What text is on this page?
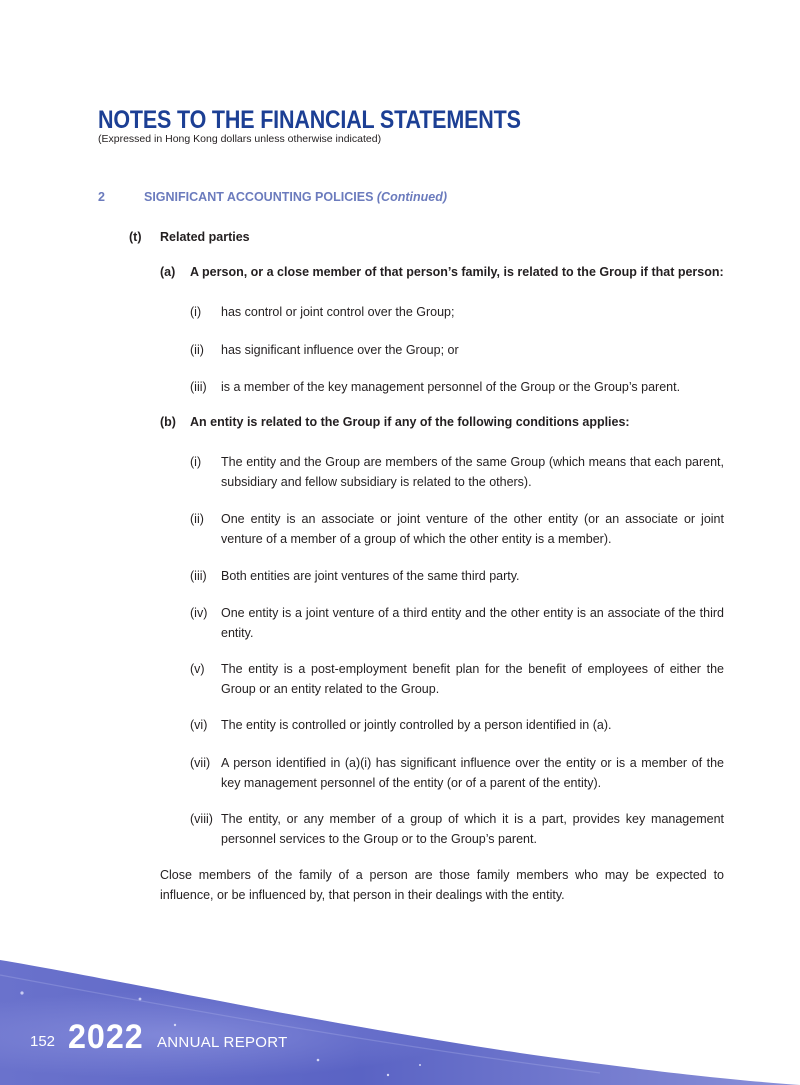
NOTES TO THE FINANCIAL STATEMENTS
(Expressed in Hong Kong dollars unless otherwise indicated)
2	SIGNIFICANT ACCOUNTING POLICIES (Continued)
(t) Related parties
(a) A person, or a close member of that person’s family, is related to the Group if that person:
(i) has control or joint control over the Group;
(ii) has significant influence over the Group; or
(iii) is a member of the key management personnel of the Group or the Group’s parent.
(b) An entity is related to the Group if any of the following conditions applies:
(i) The entity and the Group are members of the same Group (which means that each parent, subsidiary and fellow subsidiary is related to the others).
(ii) One entity is an associate or joint venture of the other entity (or an associate or joint venture of a member of a group of which the other entity is a member).
(iii) Both entities are joint ventures of the same third party.
(iv) One entity is a joint venture of a third entity and the other entity is an associate of the third entity.
(v) The entity is a post-employment benefit plan for the benefit of employees of either the Group or an entity related to the Group.
(vi) The entity is controlled or jointly controlled by a person identified in (a).
(vii) A person identified in (a)(i) has significant influence over the entity or is a member of the key management personnel of the entity (or of a parent of the entity).
(viii) The entity, or any member of a group of which it is a part, provides key management personnel services to the Group or to the Group’s parent.
Close members of the family of a person are those family members who may be expected to influence, or be influenced by, that person in their dealings with the entity.
152 2022 ANNUAL REPORT
